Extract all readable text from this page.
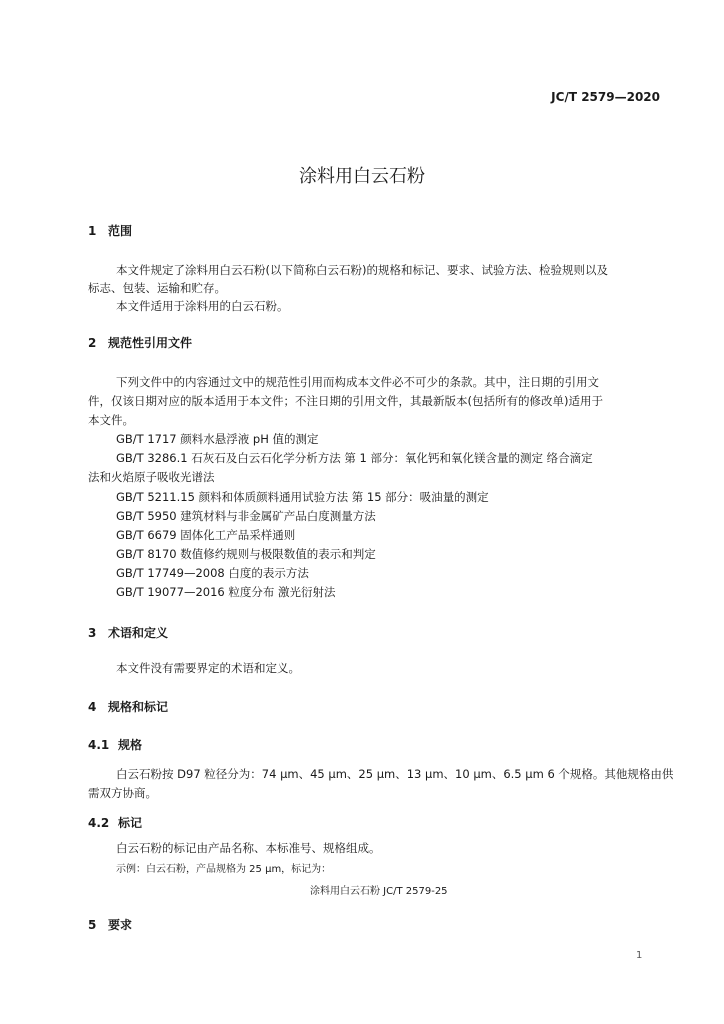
JC/T 2579—2020
涂料用白云石粉
1 范围
本文件规定了涂料用白云石粉(以下简称白云石粉)的规格和标记、要求、试验方法、检验规则以及
标志、包装、运输和贮存。
本文件适用于涂料用的白云石粉。
2 规范性引用文件
下列文件中的内容通过文中的规范性引用而构成本文件必不可少的条款。其中，注日期的引用文
件，仅该日期对应的版本适用于本文件；不注日期的引用文件，其最新版本(包括所有的修改单)适用于
本文件。
GB/T 1717 颜料水悬浮液 pH 值的测定
GB/T 3286.1 石灰石及白云石化学分析方法 第 1 部分：氧化钙和氧化镁含量的测定 络合滴定
法和火焰原子吸收光谱法
GB/T 5211.15 颜料和体质颜料通用试验方法 第 15 部分：吸油量的测定
GB/T 5950 建筑材料与非金属矿产品白度测量方法
GB/T 6679 固体化工产品采样通则
GB/T 8170 数值修约规则与极限数值的表示和判定
GB/T 17749—2008 白度的表示方法
GB/T 19077—2016 粒度分布 激光衍射法
3 术语和定义
本文件没有需要界定的术语和定义。
4 规格和标记
4.1 规格
白云石粉按 D97 粒径分为：74 μm、45 μm、25 μm、13 μm、10 μm、6.5 μm 6 个规格。其他规格由供
需双方协商。
4.2 标记
白云石粉的标记由产品名称、本标准号、规格组成。
示例：白云石粉，产品规格为 25 μm，标记为：
涂料用白云石粉 JC/T 2579-25
5 要求
1
